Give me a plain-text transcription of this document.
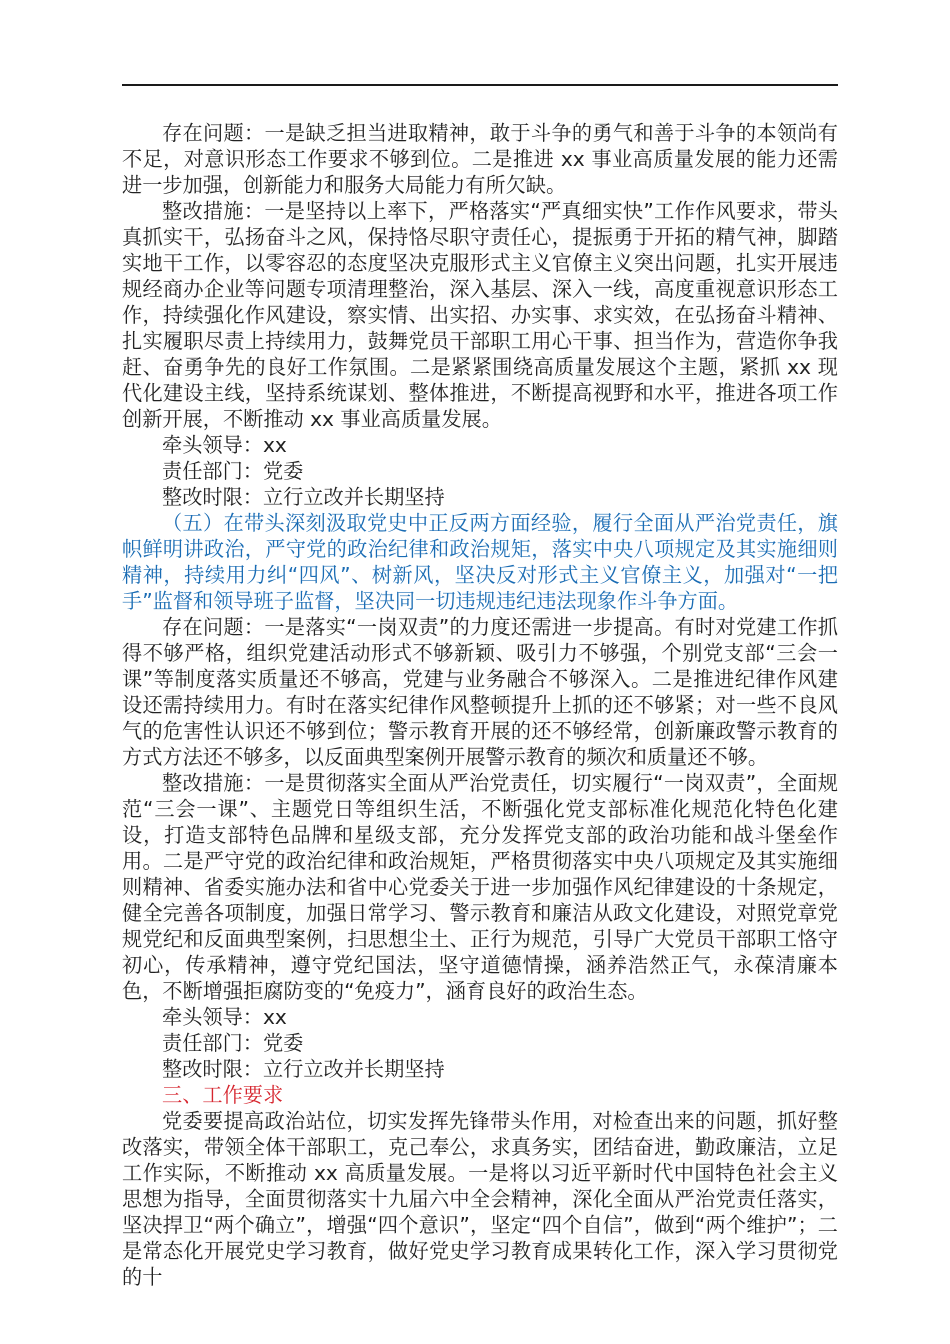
存在问题：一是缺乏担当进取精神，敢于斗争的勇气和善于斗争的本领尚有不足，对意识形态工作要求不够到位。二是推进 xx 事业高质量发展的能力还需进一步加强，创新能力和服务大局能力有所欠缺。

整改措施：一是坚持以上率下，严格落实“严真细实快”工作作风要求，带头真抓实干，弘扬奋斗之风，保持恪尽职守责任心，提振勇于开拓的精气神，脚踏实地干工作，以零容忍的态度坚决克服形式主义官僚主义突出问题，扎实开展违规经商办企业等问题专项清理整治，深入基层、深入一线，高度重视意识形态工作，持续强化作风建设，察实情、出实招、办实事、求实效，在弘扬奋斗精神、扎实履职尽责上持续用力，鼓舞党员干部职工用心干事、担当作为，营造你争我赶、奋勇争先的良好工作氛围。二是紧紧围绕高质量发展这个主题，紧抓 xx 现代化建设主线，坚持系统谋划、整体推进，不断提高视野和水平，推进各项工作创新开展，不断推动 xx 事业高质量发展。

牵头领导：xx

责任部门：党委

整改时限：立行立改并长期坚持

（五）在带头深刻汲取党史中正反两方面经验，履行全面从严治党责任，旗帜鲜明讲政治，严守党的政治纪律和政治规矩，落实中央八项规定及其实施细则精神，持续用力纠“四风”、树新风，坚决反对形式主义官僚主义，加强对“一把手”监督和领导班子监督，坚决同一切违规违纪违法现象作斗争方面。

存在问题：一是落实“一岗双责”的力度还需进一步提高。有时对党建工作抓得不够严格，组织党建活动形式不够新颖、吸引力不够强，个别党支部“三会一课”等制度落实质量还不够高，党建与业务融合不够深入。二是推进纪律作风建设还需持续用力。有时在落实纪律作风整顿提升上抓的还不够紧；对一些不良风气的危害性认识还不够到位；警示教育开展的还不够经常，创新廉政警示教育的方式方法还不够多，以反面典型案例开展警示教育的频次和质量还不够。

整改措施：一是贯彻落实全面从严治党责任，切实履行“一岗双责”，全面规范“三会一课”、主题党日等组织生活，不断强化党支部标准化规范化特色化建设，打造支部特色品牌和星级支部，充分发挥党支部的政治功能和战斗堡垒作用。二是严守党的政治纪律和政治规矩，严格贯彻落实中央八项规定及其实施细则精神、省委实施办法和省中心党委关于进一步加强作风纪律建设的十条规定，健全完善各项制度，加强日常学习、警示教育和廉洁从政文化建设，对照党章党规党纪和反面典型案例，扫思想尘土、正行为规范，引导广大党员干部职工恪守初心，传承精神，遵守党纪国法，坚守道德情操，涵养浩然正气，永葆清廉本色，不断增强拒腐防变的“免疫力”，涵育良好的政治生态。

牵头领导：xx

责任部门：党委

整改时限：立行立改并长期坚持

三、工作要求

党委要提高政治站位，切实发挥先锋带头作用，对检查出来的问题，抓好整改落实，带领全体干部职工，克己奉公，求真务实，团结奋进，勤政廉洁，立足工作实际，不断推动 xx 高质量发展。一是将以习近平新时代中国特色社会主义思想为指导，全面贯彻落实十九届六中全会精神，深化全面从严治党责任落实，坚决捍卫“两个确立”，增强“四个意识”，坚定“四个自信”，做到“两个维护”；二是常态化开展党史学习教育，做好党史学习教育成果转化工作，深入学习贯彻党的十
